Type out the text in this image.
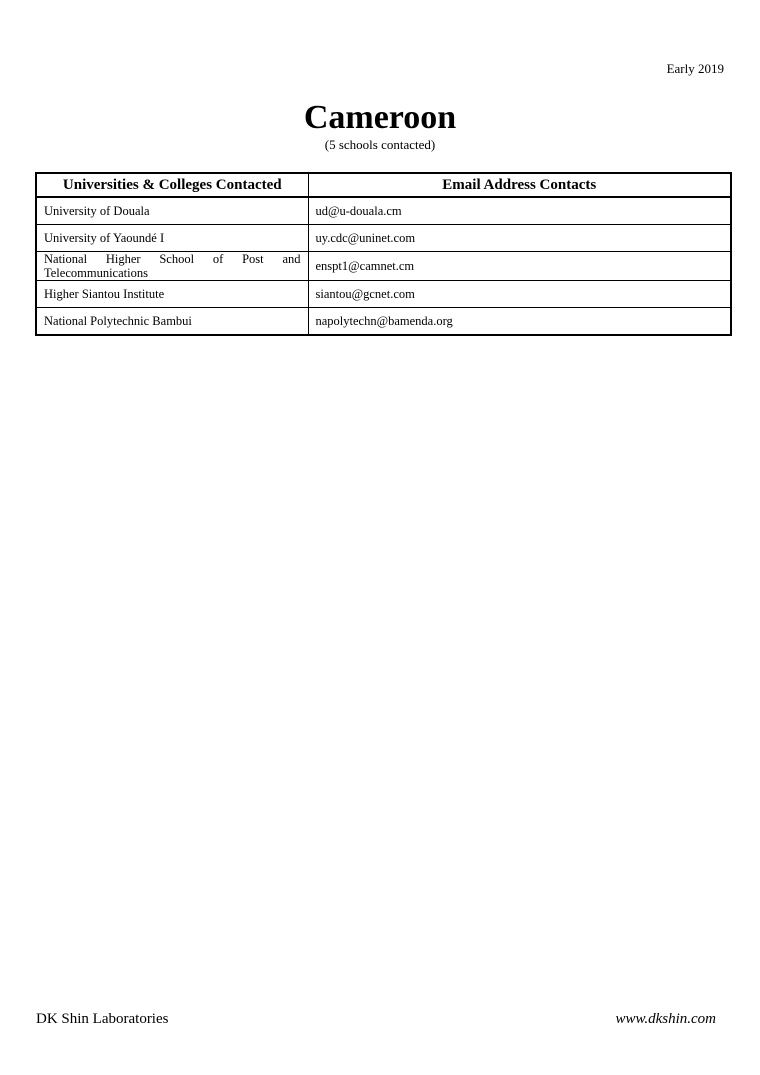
Early 2019
Cameroon
(5 schools contacted)
Universities & Colleges Contacted	Email Address Contacts
University of Douala	ud@u-douala.cm
University of Yaoundé I	uy.cdc@uninet.com
National Higher School of Post and Telecommunications	enspt1@camnet.cm
Higher Siantou Institute	siantou@gcnet.com
National Polytechnic Bambui	napolytechn@bamenda.org
DK Shin Laboratories	www.dkshin.com
